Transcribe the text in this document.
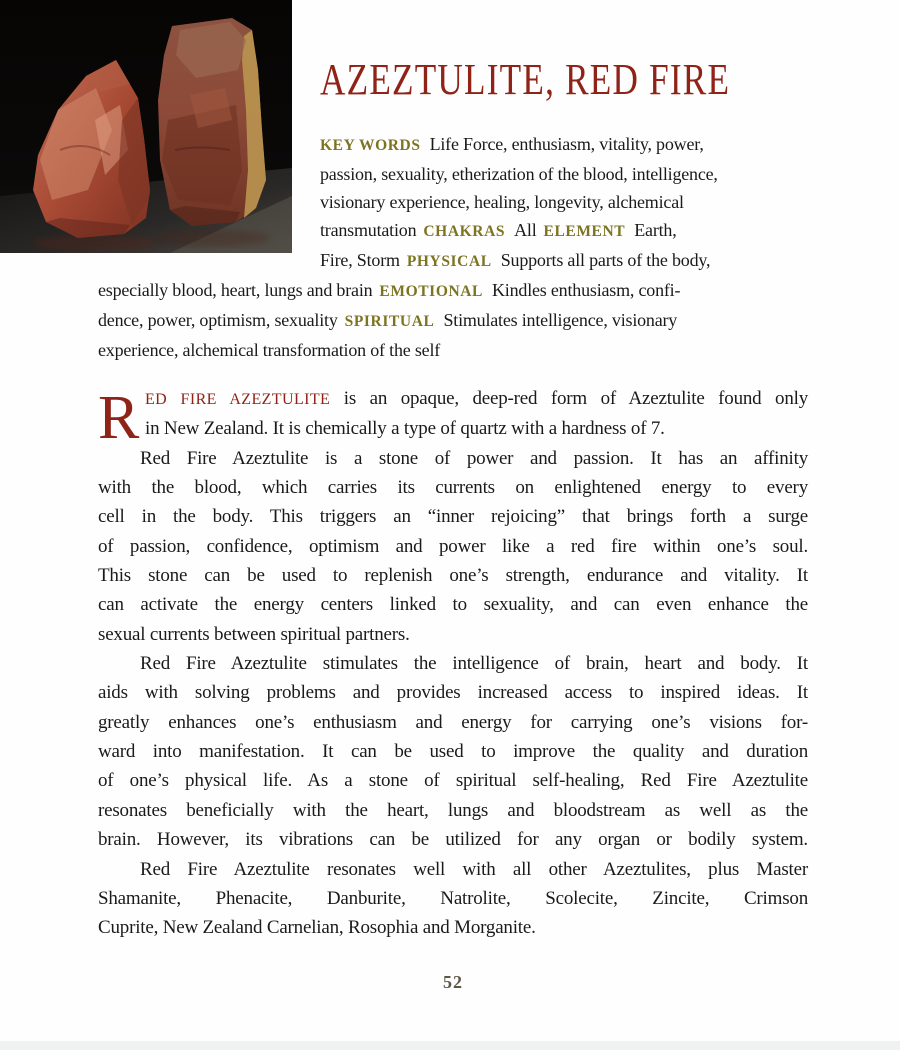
AZEZTULITE, RED FIRE
KEY WORDS Life Force, enthusiasm, vitality, power,
passion, sexuality, etherization of the blood, intelligence,
visionary experience, healing, longevity, alchemical
transmutation CHAKRAS All ELEMENT Earth,
Fire, Storm PHYSICAL Supports all parts of the body,
especially blood, heart, lungs and brain EMOTIONAL Kindles enthusiasm, confi-
dence, power, optimism, sexuality SPIRITUAL Stimulates intelligence, visionary
experience, alchemical transformation of the self
R ED FIRE AZEZTULITE is an opaque, deep-red form of Azeztulite found only
in New Zealand. It is chemically a type of quartz with a hardness of 7.
Red Fire Azeztulite is a stone of power and passion. It has an affinity
with the blood, which carries its currents on enlightened energy to every
cell in the body. This triggers an “inner rejoicing” that brings forth a surge
of passion, confidence, optimism and power like a red fire within one’s soul.
This stone can be used to replenish one’s strength, endurance and vitality. It
can activate the energy centers linked to sexuality, and can even enhance the
sexual currents between spiritual partners.
Red Fire Azeztulite stimulates the intelligence of brain, heart and body. It
aids with solving problems and provides increased access to inspired ideas. It
greatly enhances one’s enthusiasm and energy for carrying one’s visions for-
ward into manifestation. It can be used to improve the quality and duration
of one’s physical life. As a stone of spiritual self-healing, Red Fire Azeztulite
resonates beneficially with the heart, lungs and bloodstream as well as the
brain. However, its vibrations can be utilized for any organ or bodily system.
Red Fire Azeztulite resonates well with all other Azeztulites, plus Master
Shamanite, Phenacite, Danburite, Natrolite, Scolecite, Zincite, Crimson
Cuprite, New Zealand Carnelian, Rosophia and Morganite.
52
